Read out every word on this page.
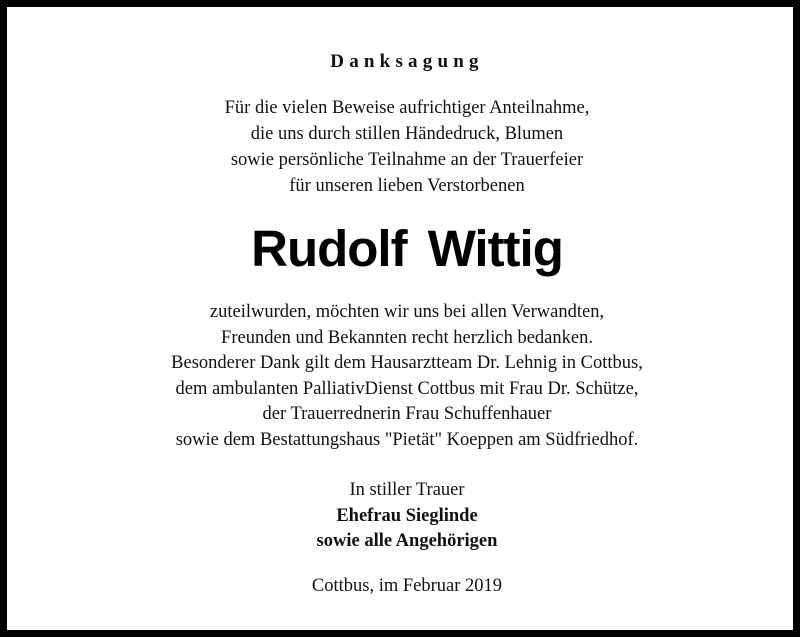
Danksagung
Für die vielen Beweise aufrichtiger Anteilnahme,
die uns durch stillen Händedruck, Blumen
sowie persönliche Teilnahme an der Trauerfeier
für unseren lieben Verstorbenen
Rudolf Wittig
zuteilwurden, möchten wir uns bei allen Verwandten,
Freunden und Bekannten recht herzlich bedanken.
Besonderer Dank gilt dem Hausarztteam Dr. Lehnig in Cottbus,
dem ambulanten PalliativDienst Cottbus mit Frau Dr. Schütze,
der Trauerrednerin Frau Schuffenhauer
sowie dem Bestattungshaus "Pietät" Koeppen am Südfriedhof.
In stiller Trauer
Ehefrau Sieglinde
sowie alle Angehörigen
Cottbus, im Februar 2019
